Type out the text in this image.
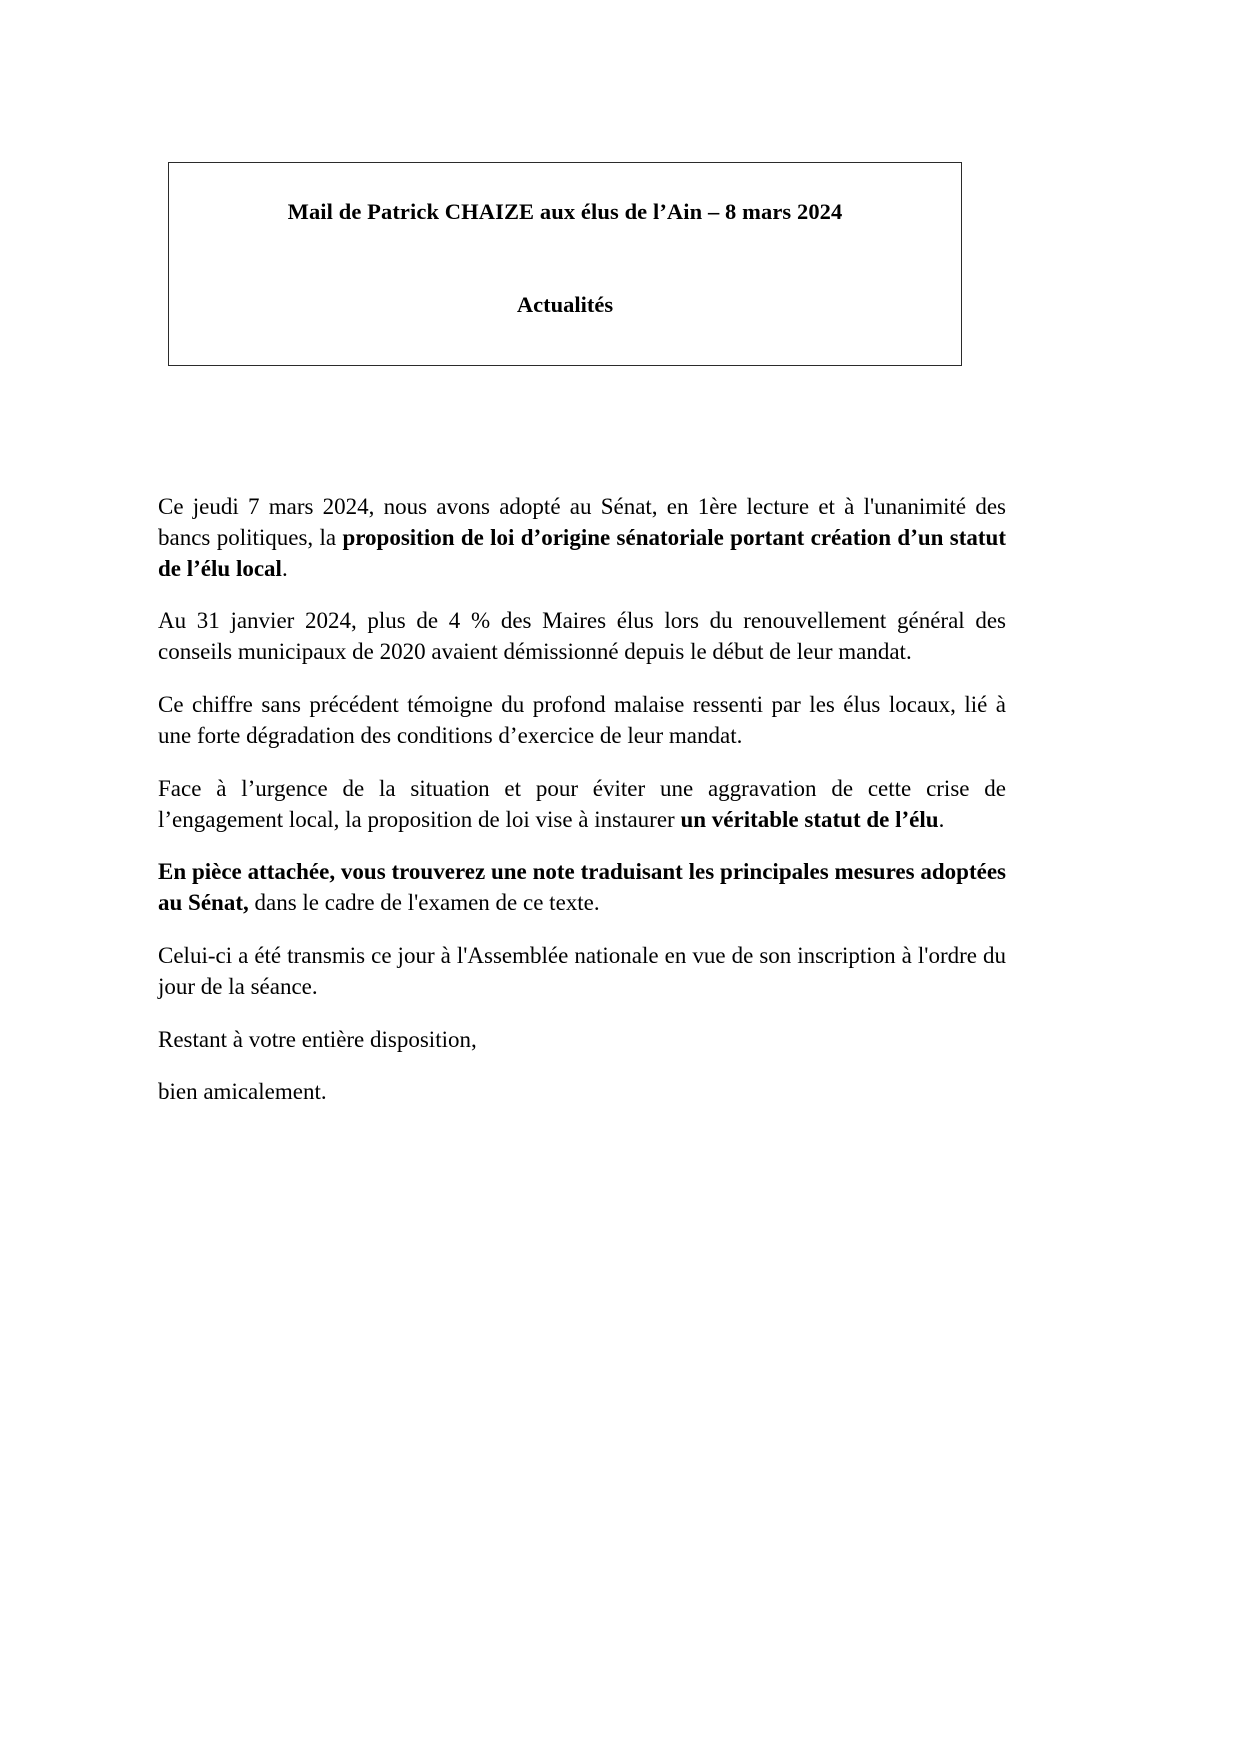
Mail de Patrick CHAIZE aux élus de l’Ain – 8 mars 2024
Actualités

Ce jeudi 7 mars 2024, nous avons adopté au Sénat, en 1ère lecture et à l'unanimité des bancs politiques, la proposition de loi d’origine sénatoriale portant création d’un statut de l’élu local.

Au 31 janvier 2024, plus de 4 % des Maires élus lors du renouvellement général des conseils municipaux de 2020 avaient démissionné depuis le début de leur mandat.

Ce chiffre sans précédent témoigne du profond malaise ressenti par les élus locaux, lié à une forte dégradation des conditions d’exercice de leur mandat.

Face à l’urgence de la situation et pour éviter une aggravation de cette crise de l’engagement local, la proposition de loi vise à instaurer un véritable statut de l’élu.

En pièce attachée, vous trouverez une note traduisant les principales mesures adoptées au Sénat, dans le cadre de l'examen de ce texte.

Celui-ci a été transmis ce jour à l'Assemblée nationale en vue de son inscription à l'ordre du jour de la séance.

Restant à votre entière disposition,

bien amicalement.
